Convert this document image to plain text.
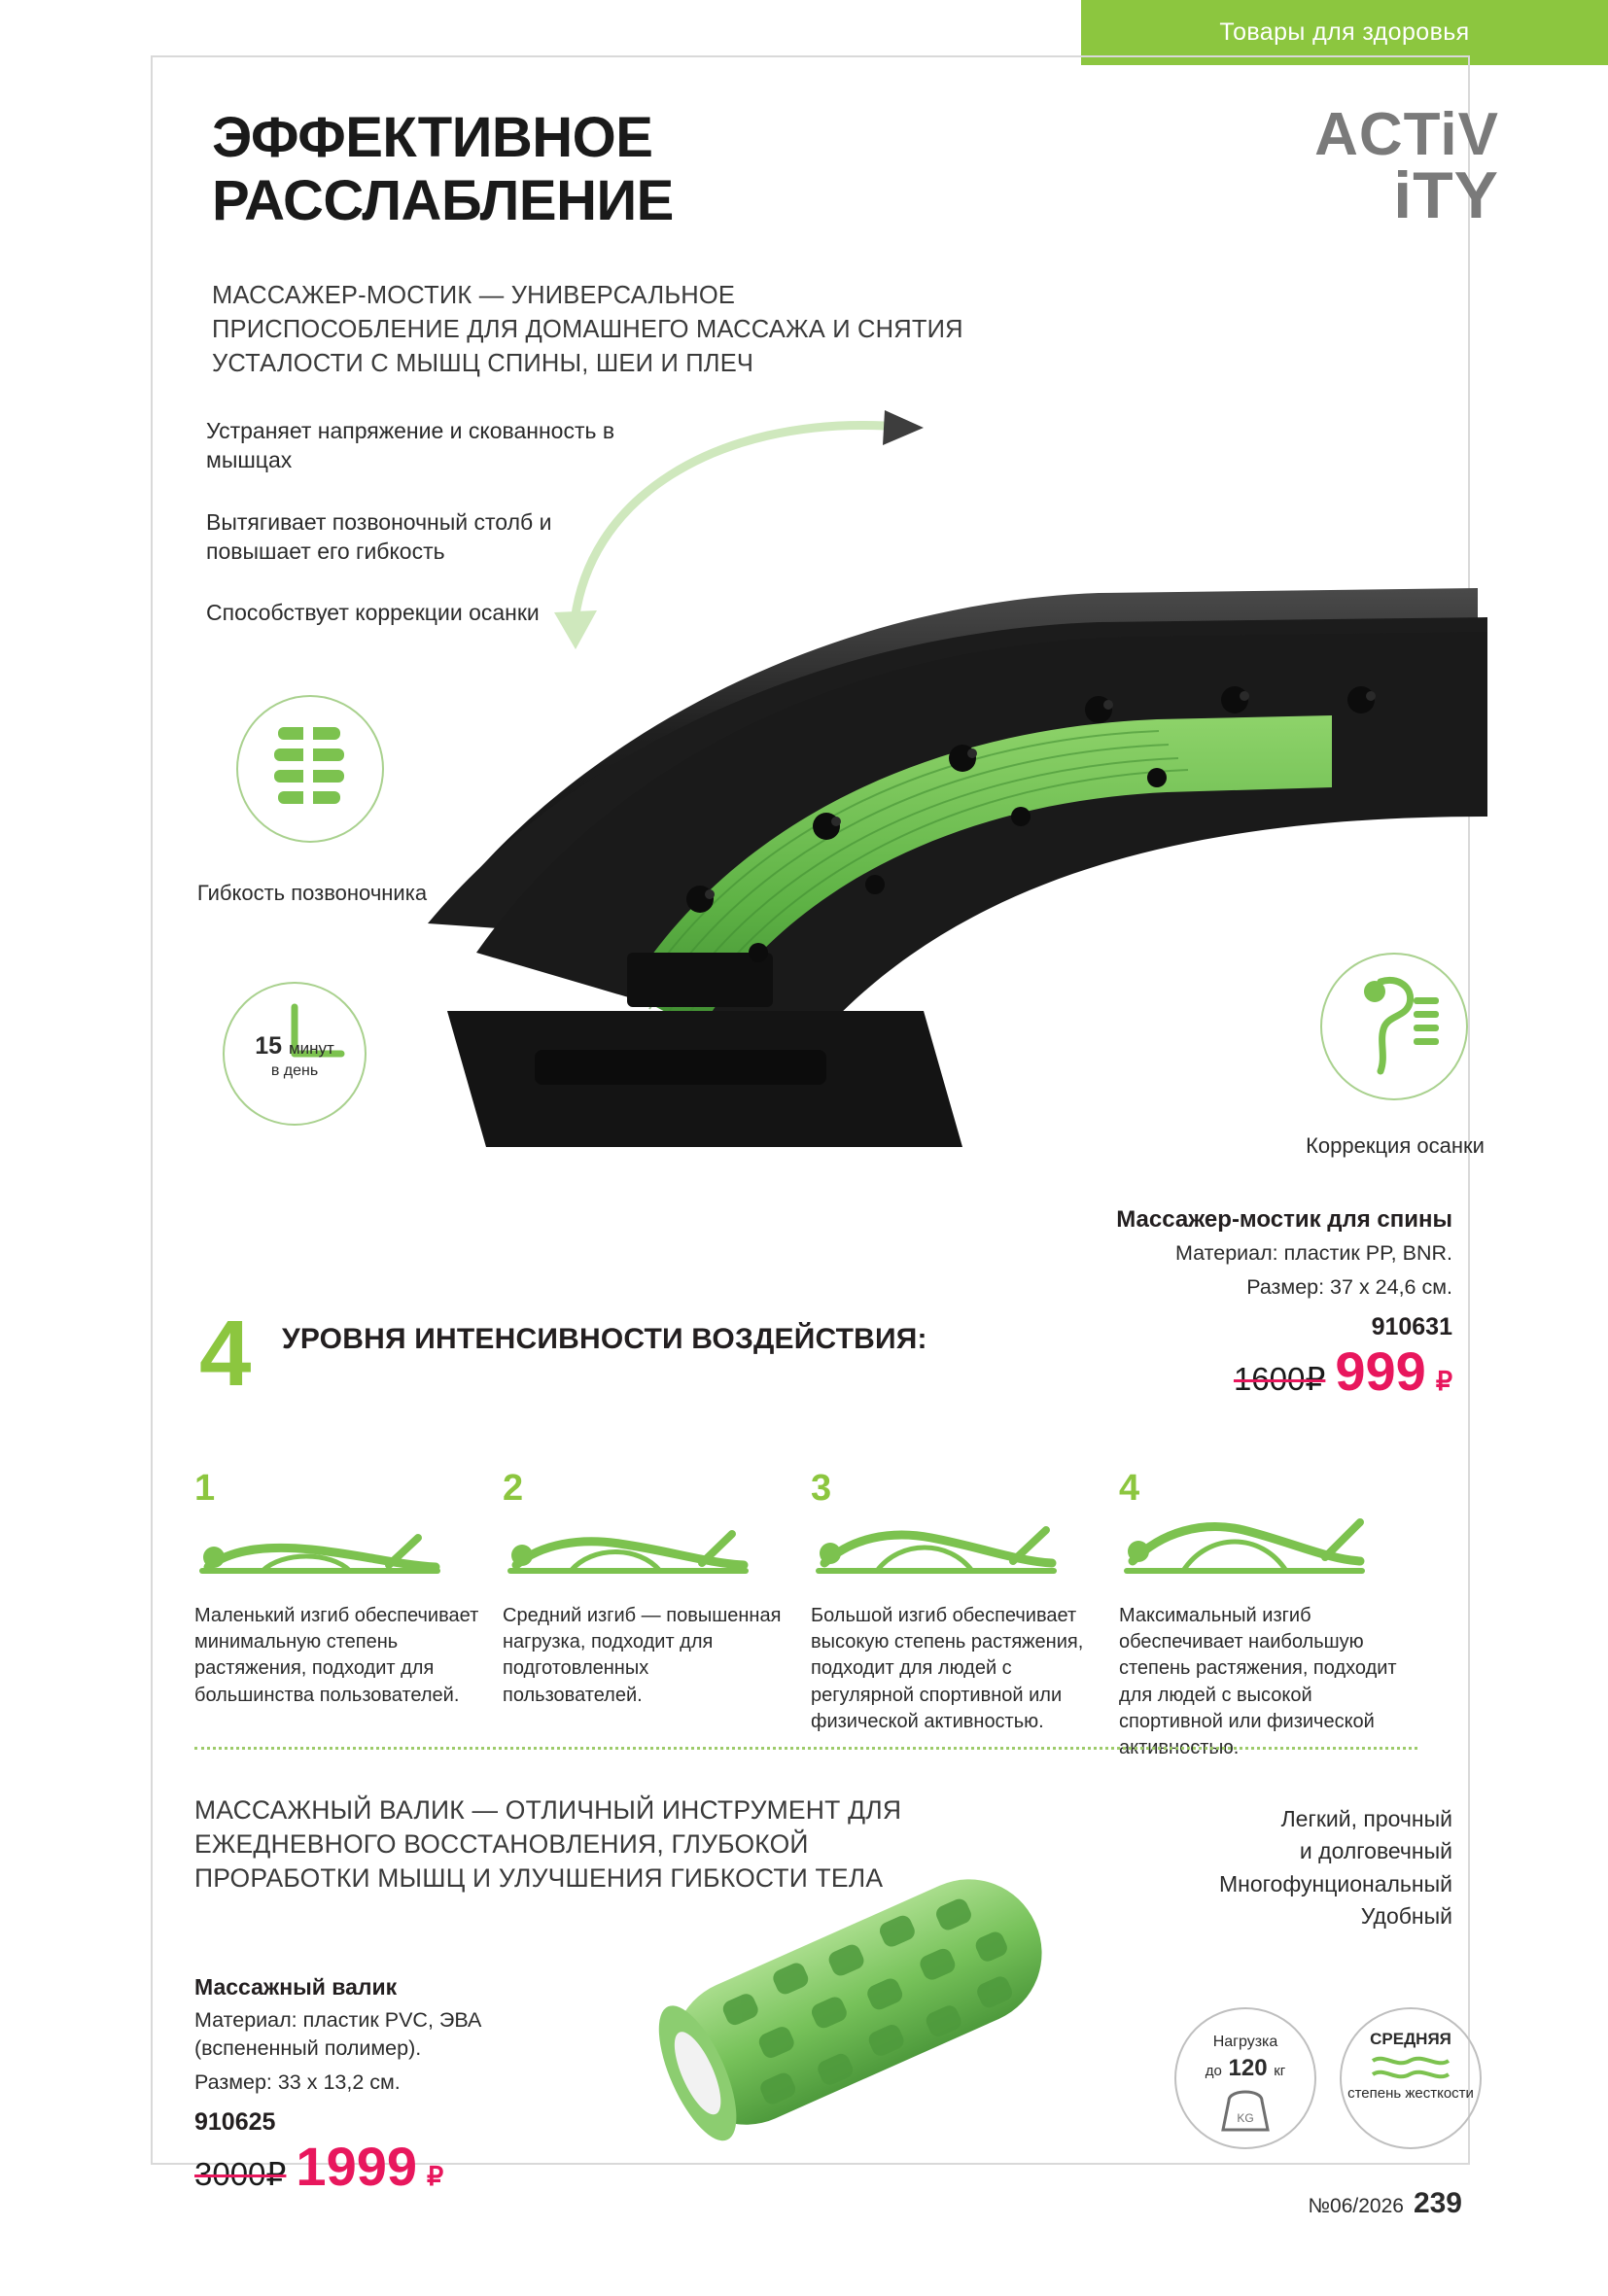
Товары для здоровья
ЭФФЕКТИВНОЕ РАССЛАБЛЕНИЕ
МАССАЖЕР-МОСТИК — УНИВЕРСАЛЬНОЕ ПРИСПОСОБЛЕНИЕ ДЛЯ ДОМАШНЕГО МАССАЖА И СНЯТИЯ УСТАЛОСТИ С МЫШЦ СПИНЫ, ШЕИ И ПЛЕЧ
ACTiV
iTY
Устраняет напряжение и скованность в мышцах
Вытягивает позвоночный столб и повышает его гибкость
Способствует коррекции осанки
Гибкость позвоночника
15 минут
в день
Коррекция осанки
Массажер-мостик для спины
Материал: пластик PP, BNR.
Размер: 37 x 24,6 см.
910631
1600₽ 999 ₽
4 УРОВНЯ ИНТЕНСИВНОСТИ ВОЗДЕЙСТВИЯ:
1
Маленький изгиб обеспечивает минимальную степень растяжения, подходит для большинства пользователей.
2
Средний изгиб — повышенная нагрузка, подходит для подготовленных пользователей.
3
Большой изгиб обеспечивает высокую степень растяжения, подходит для людей с регулярной спортивной или физической активностью.
4
Максимальный изгиб обеспечивает наибольшую степень растяжения, подходит для людей с высокой спортивной или физической активностью.
МАССАЖНЫЙ ВАЛИК — ОТЛИЧНЫЙ ИНСТРУМЕНТ ДЛЯ ЕЖЕДНЕВНОГО ВОССТАНОВЛЕНИЯ, ГЛУБОКОЙ ПРОРАБОТКИ МЫШЦ И УЛУЧШЕНИЯ ГИБКОСТИ ТЕЛА
Легкий, прочный
и долговечный
Многофунциональный
Удобный
Массажный валик
Материал: пластик PVC, ЭВА (вспененный полимер).
Размер: 33 x 13,2 см.
910625
3000₽ 1999 ₽
Нагрузка
до 120 кг
KG
СРЕДНЯЯ
степень жесткости
№06/2026 239
